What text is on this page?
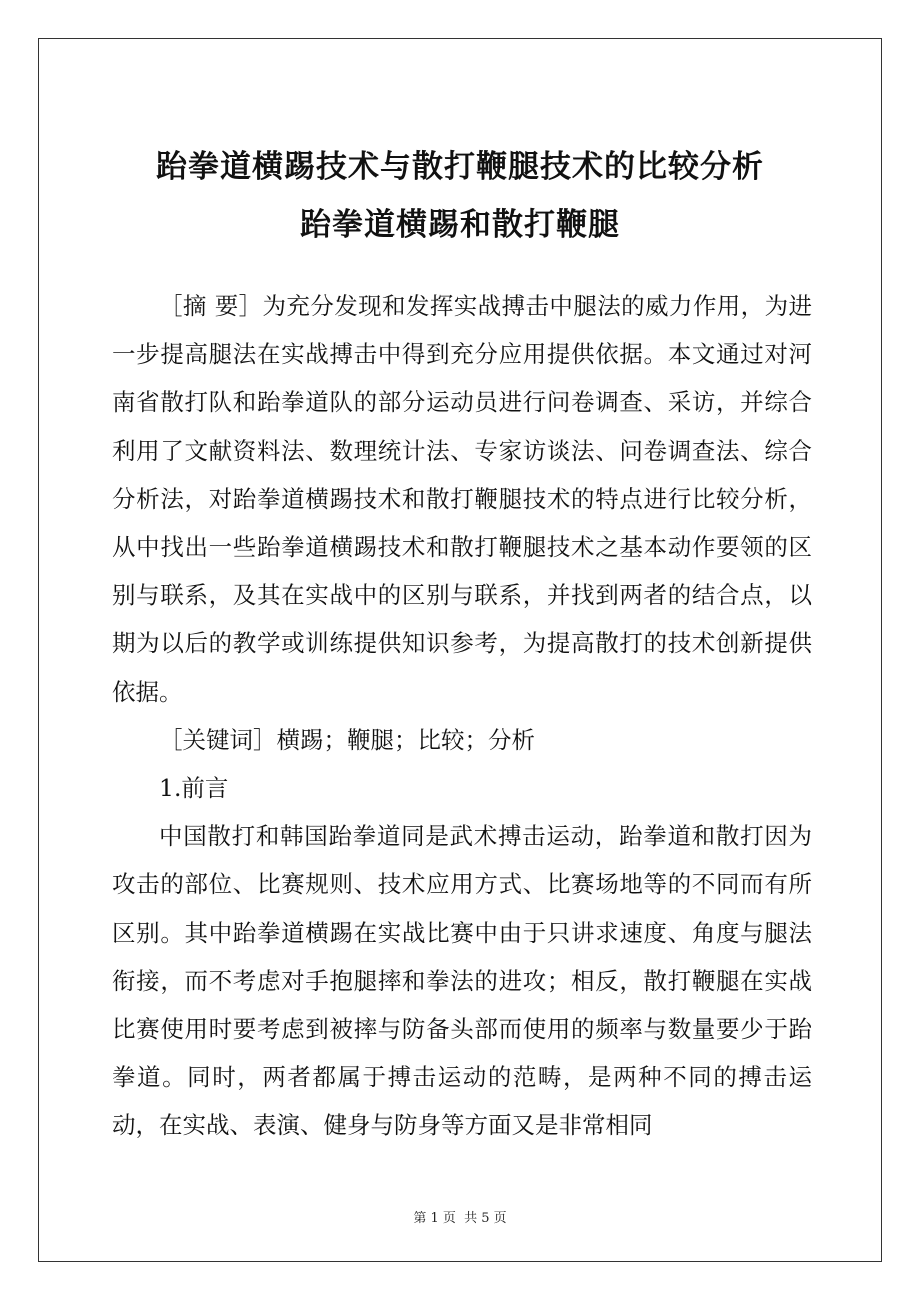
跆拳道横踢技术与散打鞭腿技术的比较分析
跆拳道横踢和散打鞭腿

［摘 要］为充分发现和发挥实战搏击中腿法的威力作用，为进一步提高腿法在实战搏击中得到充分应用提供依据。本文通过对河南省散打队和跆拳道队的部分运动员进行问卷调查、采访，并综合利用了文献资料法、数理统计法、专家访谈法、问卷调查法、综合分析法，对跆拳道横踢技术和散打鞭腿技术的特点进行比较分析，从中找出一些跆拳道横踢技术和散打鞭腿技术之基本动作要领的区别与联系，及其在实战中的区别与联系，并找到两者的结合点，以期为以后的教学或训练提供知识参考，为提高散打的技术创新提供依据。

［关键词］横踢；鞭腿；比较；分析

1.前言

中国散打和韩国跆拳道同是武术搏击运动，跆拳道和散打因为攻击的部位、比赛规则、技术应用方式、比赛场地等的不同而有所区别。其中跆拳道横踢在实战比赛中由于只讲求速度、角度与腿法衔接，而不考虑对手抱腿摔和拳法的进攻；相反，散打鞭腿在实战比赛使用时要考虑到被摔与防备头部而使用的频率与数量要少于跆拳道。同时，两者都属于搏击运动的范畴，是两种不同的搏击运动，在实战、表演、健身与防身等方面又是非常相同

第 1 页 共 5 页
